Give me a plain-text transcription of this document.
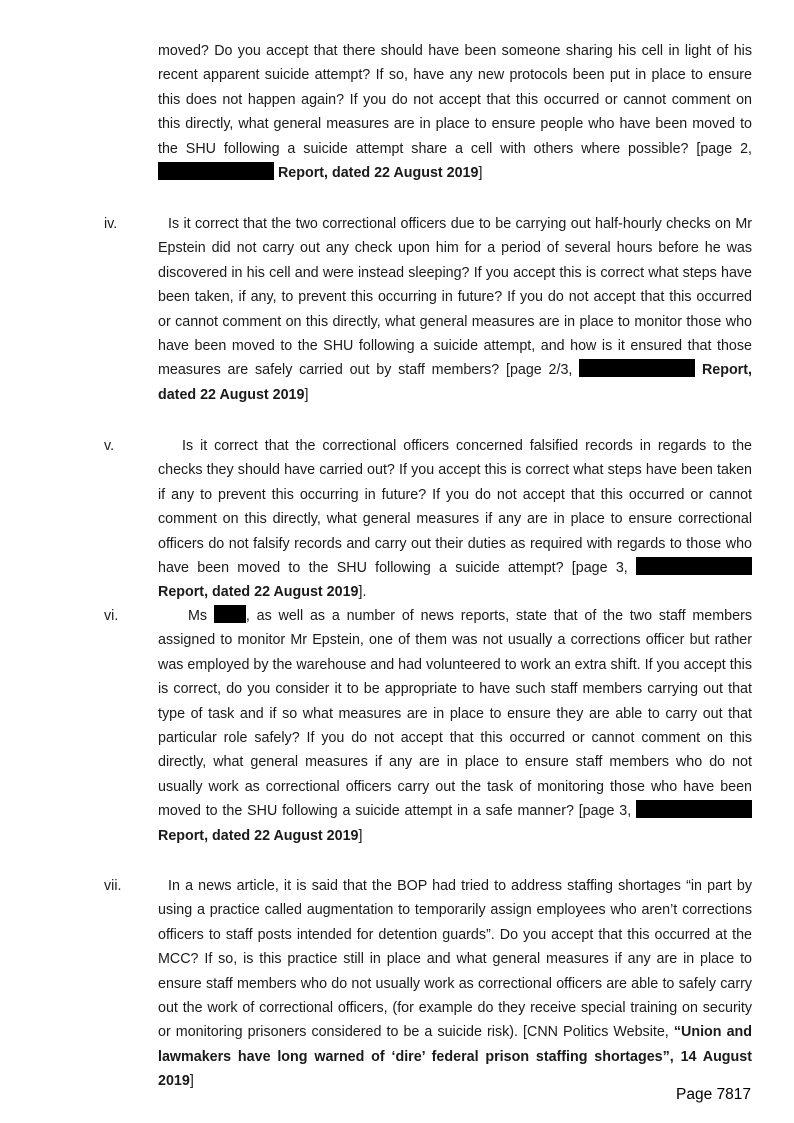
moved? Do you accept that there should have been someone sharing his cell in light of his recent apparent suicide attempt? If so, have any new protocols been put in place to ensure this does not happen again? If you do not accept that this occurred or cannot comment on this directly, what general measures are in place to ensure people who have been moved to the SHU following a suicide attempt share a cell with others where possible? [page 2,  Report, dated 22 August 2019]

iv.	Is it correct that the two correctional officers due to be carrying out half-hourly checks on Mr Epstein did not carry out any check upon him for a period of several hours before he was discovered in his cell and were instead sleeping? If you accept this is correct what steps have been taken, if any, to prevent this occurring in future? If you do not accept that this occurred or cannot comment on this directly, what general measures are in place to monitor those who have been moved to the SHU following a suicide attempt, and how is it ensured that those measures are safely carried out by staff members? [page 2/3,	Report, dated 22 August 2019]

v.	Is it correct that the correctional officers concerned falsified records in regards to the checks they should have carried out? If you accept this is correct what steps have been taken if any to prevent this occurring in future? If you do not accept that this occurred or cannot comment on this directly, what general measures if any are in place to ensure correctional officers do not falsify records and carry out their duties as required with regards to those who have been moved to the SHU following a suicide attempt? [page 3,  Report, dated 22 August 2019].

vi.	Ms	, as well as a number of news reports, state that of the two staff members assigned to monitor Mr Epstein, one of them was not usually a corrections officer but rather was employed by the warehouse and had volunteered to work an extra shift. If you accept this is correct, do you consider it to be appropriate to have such staff members carrying out that type of task and if so what measures are in place to ensure they are able to carry out that particular role safely? If you do not accept that this occurred or cannot comment on this directly, what general measures if any are in place to ensure staff members who do not usually work as correctional officers carry out the task of monitoring those who have been moved to the SHU following a suicide attempt in a safe manner? [page 3,  Report, dated 22 August 2019]

vii.	In a news article, it is said that the BOP had tried to address staffing shortages “in part by using a practice called augmentation to temporarily assign employees who aren’t corrections officers to staff posts intended for detention guards”. Do you accept that this occurred at the MCC? If so, is this practice still in place and what general measures if any are in place to ensure staff members who do not usually work as correctional officers are able to safely carry out the work of correctional officers, (for example do they receive special training on security or monitoring prisoners considered to be a suicide risk). [CNN Politics Website, “Union and lawmakers have long warned of ‘dire’ federal prison staffing shortages”, 14 August 2019]

Page 7817
